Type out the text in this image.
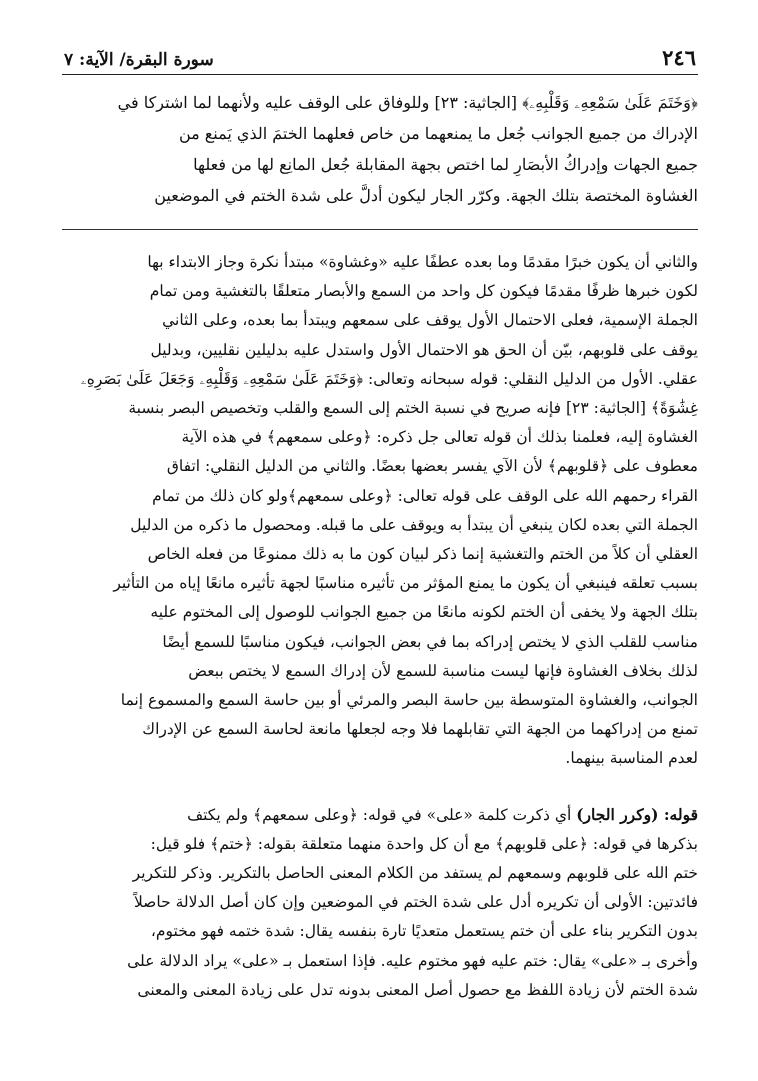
٢٤٦
سورة البقرة/ الآية: ٧

﴿وَخَتَمَ عَلَىٰ سَمْعِهِۦ وَقَلْبِهِۦ﴾ [الجاثية: ٢٣] وللوفاق على الوقف عليه ولأنهما لما اشتركا في

الإدراك من جميع الجوانب جُعل ما يمنعهما من خاص فعلهما الختمَ الذي يَمنع من

جميع الجهات وإدراكُ الأبصَارِ لما اختص بجهة المقابلة جُعل المانِع لها من فعلها

الغشاوة المختصة بتلك الجهة. وكرّر الجار ليكون أدلَّ على شدة الختم في الموضعين

والثاني أن يكون خبرًا مقدمًا وما بعده عطفًا عليه «وغشاوة» مبتدأ نكرة وجاز الابتداء بها

لكون خبرها ظرفًا مقدمًا فيكون كل واحد من السمع والأبصار متعلقًا بالتغشية ومن تمام

الجملة الإسمية، فعلى الاحتمال الأول يوقف على سمعهم ويبتدأ بما بعده، وعلى الثاني

يوقف على قلوبهم، بيّن أن الحق هو الاحتمال الأول واستدل عليه بدليلين نقليين، وبدليل

عقلي. الأول من الدليل النقلي: قوله سبحانه وتعالى: ﴿وَخَتَمَ عَلَىٰ سَمْعِهِۦ وَقَلْبِهِۦ وَجَعَلَ عَلَىٰ بَصَرِهِۦ

غِشَٰوَةً﴾ [الجاثية: ٢٣] فإنه صريح في نسبة الختم إلى السمع والقلب وتخصيص البصر بنسبة

الغشاوة إليه، فعلمنا بذلك أن قوله تعالى جل ذكره: ﴿وعلى سمعهم﴾ في هذه الآية

معطوف على ﴿قلوبهم﴾ لأن الآي يفسر بعضها بعضًا. والثاني من الدليل النقلي: اتفاق

القراء رحمهم الله على الوقف على قوله تعالى: ﴿وعلى سمعهم﴾ولو كان ذلك من تمام

الجملة التي بعده لكان ينبغي أن يبتدأ به ويوقف على ما قبله. ومحصول ما ذكره من الدليل

العقلي أن كلاً من الختم والتغشية إنما ذكر لبيان كون ما به ذلك ممنوعًا من فعله الخاص

بسبب تعلقه فينبغي أن يكون ما يمنع المؤثر من تأثيره مناسبًا لجهة تأثيره مانعًا إياه من التأثير

بتلك الجهة ولا يخفى أن الختم لكونه مانعًا من جميع الجوانب للوصول إلى المختوم عليه

مناسب للقلب الذي لا يختص إدراكه بما في بعض الجوانب، فيكون مناسبًا للسمع أيضًا

لذلك بخلاف الغشاوة فإنها ليست مناسبة للسمع لأن إدراك السمع لا يختص ببعض

الجوانب، والغشاوة المتوسطة بين حاسة البصر والمرئي أو بين حاسة السمع والمسموع إنما

تمنع من إدراكهما من الجهة التي تقابلهما فلا وجه لجعلها مانعة لحاسة السمع عن الإدراك

لعدم المناسبة بينهما.

قوله: (وكرر الجار) أي ذكرت كلمة «على» في قوله: ﴿وعلى سمعهم﴾ ولم يكتف

بذكرها في قوله: ﴿على قلوبهم﴾ مع أن كل واحدة منهما متعلقة بقوله: ﴿ختم﴾ فلو قيل:

ختم الله على قلوبهم وسمعهم لم يستفد من الكلام المعنى الحاصل بالتكرير. وذكر للتكرير

فائدتين: الأولى أن تكريره أدل على شدة الختم في الموضعين وإن كان أصل الدلالة حاصلاً

بدون التكرير بناء على أن ختم يستعمل متعديًا تارة بنفسه يقال: شدة ختمه فهو مختوم،

وأخرى بـ «على» يقال: ختم عليه فهو مختوم عليه. فإذا استعمل بـ «على» يراد الدلالة على

شدة الختم لأن زيادة اللفظ مع حصول أصل المعنى بدونه تدل على زيادة المعنى والمعنى
